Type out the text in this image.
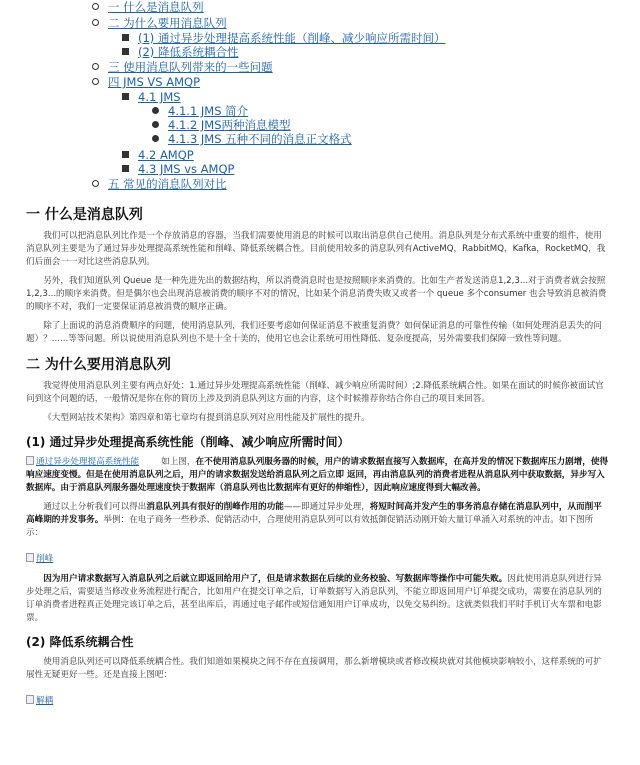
一 什么是消息队列
二 为什么要用消息队列
(1) 通过异步处理提高系统性能（削峰、减少响应所需时间）
(2) 降低系统耦合性
三 使用消息队列带来的一些问题
四 JMS VS AMQP
4.1 JMS
4.1.1 JMS 简介
4.1.2 JMS两种消息模型
4.1.3 JMS 五种不同的消息正文格式
4.2 AMQP
4.3 JMS vs AMQP
五 常见的消息队列对比
一 什么是消息队列

我们可以把消息队列比作是一个存放消息的容器，当我们需要使用消息的时候可以取出消息供自己使用。消息队列是分布式系统中重要的组件，使用消息队列主要是为了通过异步处理提高系统性能和削峰、降低系统耦合性。目前使用较多的消息队列有ActiveMQ，RabbitMQ，Kafka，RocketMQ，我们后面会一一对比这些消息队列。

另外，我们知道队列 Queue 是一种先进先出的数据结构，所以消费消息时也是按照顺序来消费的。比如生产者发送消息1,2,3...对于消费者就会按照1,2,3...的顺序来消费。但是偶尔也会出现消息被消费的顺序不对的情况，比如某个消息消费失败又或者一个 queue 多个consumer 也会导致消息被消费的顺序不对，我们一定要保证消息被消费的顺序正确。

除了上面说的消息消费顺序的问题，使用消息队列，我们还要考虑如何保证消息不被重复消费？如何保证消息的可靠性传输（如何处理消息丢失的问题）？......等等问题。所以说使用消息队列也不是十全十美的，使用它也会让系统可用性降低、复杂度提高，另外需要我们保障一致性等问题。

二 为什么要用消息队列

我觉得使用消息队列主要有两点好处：1.通过异步处理提高系统性能（削峰、减少响应所需时间）;2.降低系统耦合性。如果在面试的时候你被面试官问到这个问题的话，一般情况是你在你的简历上涉及到消息队列这方面的内容，这个时候推荐你结合你自己的项目来回答。

《大型网站技术架构》第四章和第七章均有提到消息队列对应用性能及扩展性的提升。

(1) 通过异步处理提高系统性能（削峰、减少响应所需时间）

通过异步处理提高系统性能	如上图，在不使用消息队列服务器的时候，用户的请求数据直接写入数据库，在高并发的情况下数据库压力剧增，使得响应速度变慢。但是在使用消息队列之后，用户的请求数据发送给消息队列之后立即 返回，再由消息队列的消费者进程从消息队列中获取数据，异步写入数据库。由于消息队列服务器处理速度快于数据库（消息队列也比数据库有更好的伸缩性），因此响应速度得到大幅改善。

通过以上分析我们可以得出消息队列具有很好的削峰作用的功能——即通过异步处理，将短时间高并发产生的事务消息存储在消息队列中，从而削平高峰期的并发事务。举例：在电子商务一些秒杀、促销活动中，合理使用消息队列可以有效抵御促销活动刚开始大量订单涌入对系统的冲击。如下图所示：

削峰

因为用户请求数据写入消息队列之后就立即返回给用户了，但是请求数据在后续的业务校验、写数据库等操作中可能失败。因此使用消息队列进行异步处理之后，需要适当修改业务流程进行配合，比如用户在提交订单之后，订单数据写入消息队列，不能立即返回用户订单提交成功，需要在消息队列的订单消费者进程真正处理完该订单之后，甚至出库后，再通过电子邮件或短信通知用户订单成功，以免交易纠纷。这就类似我们平时手机订火车票和电影票。

(2) 降低系统耦合性

使用消息队列还可以降低系统耦合性。我们知道如果模块之间不存在直接调用，那么新增模块或者修改模块就对其他模块影响较小，这样系统的可扩展性无疑更好一些。还是直接上图吧：

解耦
